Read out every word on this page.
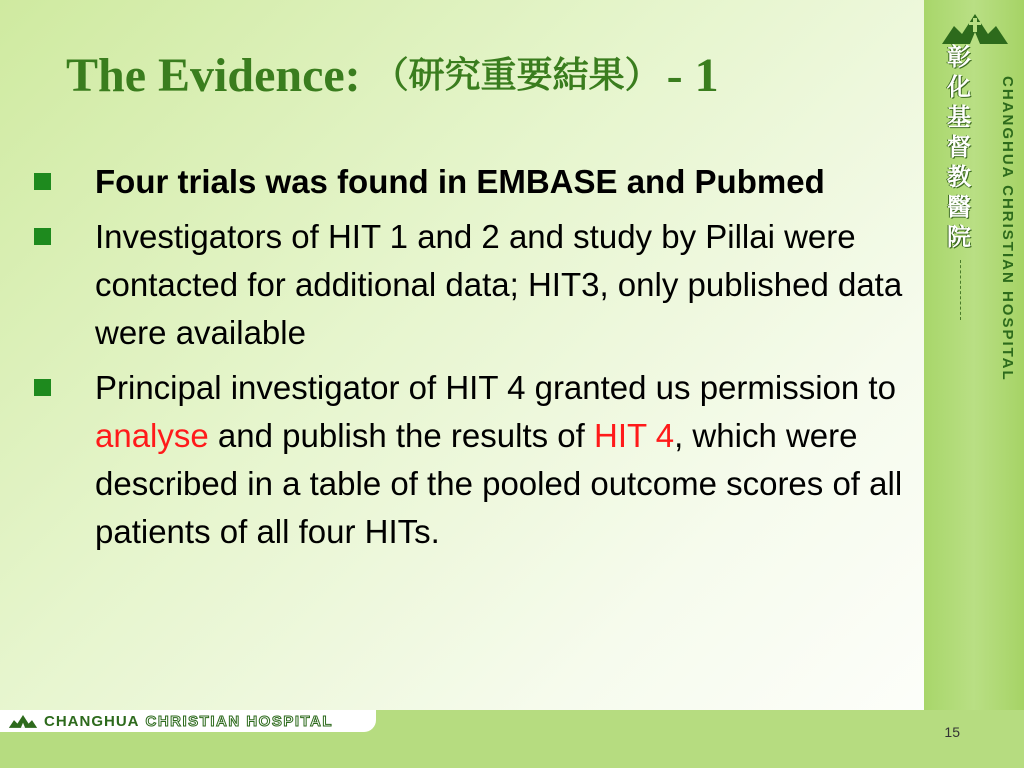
The Evidence: （研究重要結果） - 1
Four trials was found in EMBASE and Pubmed
Investigators of HIT 1 and 2 and study by Pillai were contacted for additional data; HIT3, only published data were available
Principal investigator of HIT 4 granted us permission to analyse and publish the results of HIT 4, which were described in a table of the pooled outcome scores of all patients of all four HITs.
彰化基督教醫院	CHANGHUA CHRISTIAN HOSPITAL
CHANGHUA CHRISTIAN HOSPITAL
15
